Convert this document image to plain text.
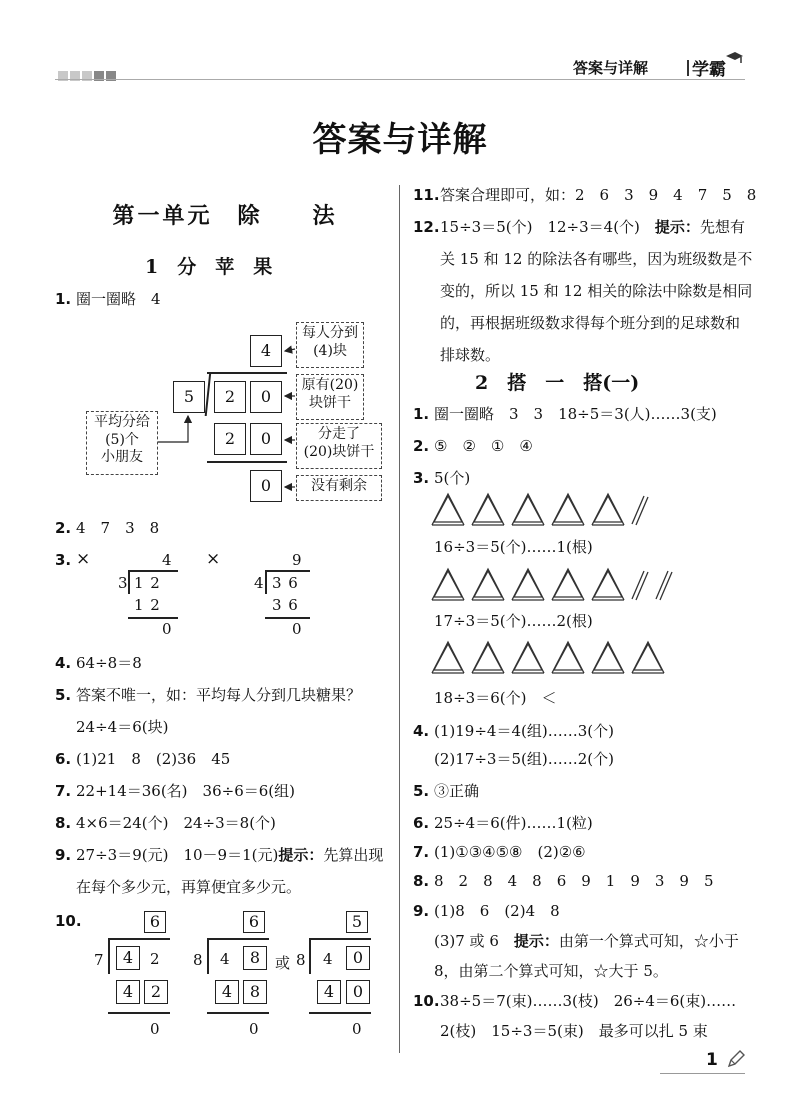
答案与详解	学霸
答案与详解
第一单元　除　　法
1　分　苹　果
1. 圈一圈略　4
4
5	2	0
2	0
0
每人分到
(4)块
原有(20)
块饼干
分走了
(20)块饼干
没有剩余
平均分给
(5)个
小朋友
2. 4　7　3　8
3. ×	4
3 1 2
1 2
0
×	9
4 3 6
3 6
0
4. 64÷8＝8
5. 答案不唯一，如：平均每人分到几块糖果？
24÷4＝6(块)
6. (1)21　8　(2)36　45
7. 22+14＝36(名)　36÷6＝6(组)
8. 4×6＝24(个)　24÷3＝8(个)
9. 27÷3＝9(元)　10－9＝1(元)提示：先算出现
在每个多少元，再算便宜多少元。
10.	6
7	4	2
4	2
0
6
8 4	8
4	8
0
或
5
8 4	0
4	0
0
11. 答案合理即可，如：2　6　3　9　4　7　5　8
12. 15÷3＝5(个)　12÷3＝4(个)　 提示：先想有
关 15 和 12 的除法各有哪些，因为班级数是不
变的，所以 15 和 12 相关的除法中除数是相同
的，再根据班级数求得每个班分到的足球数和
排球数。
2　搭　一　搭(一)
1. 圈一圈略　3　3　18÷5＝3(人)……3(支)
2. ⑤　②　①　④
3. 5(个)
16÷3＝5(个)……1(根)
17÷3＝5(个)……2(根)
18÷3＝6(个)　＜
4. (1)19÷4＝4(组)……3(个)
(2)17÷3＝5(组)……2(个)
5. ③正确
6. 25÷4＝6(件)……1(粒)
7. (1)①③④⑤⑧　(2)②⑥
8. 8　2　8　4　8　6　9　1　9　3　9　5
9. (1)8　6　(2)4　8
(3)7 或 6　提示：由第一个算式可知，☆小于
8，由第二个算式可知，☆大于 5。
10. 38÷5＝7(束)……3(枝)　26÷4＝6(束)……
2(枝)　15÷3＝5(束)　最多可以扎 5 束
1
